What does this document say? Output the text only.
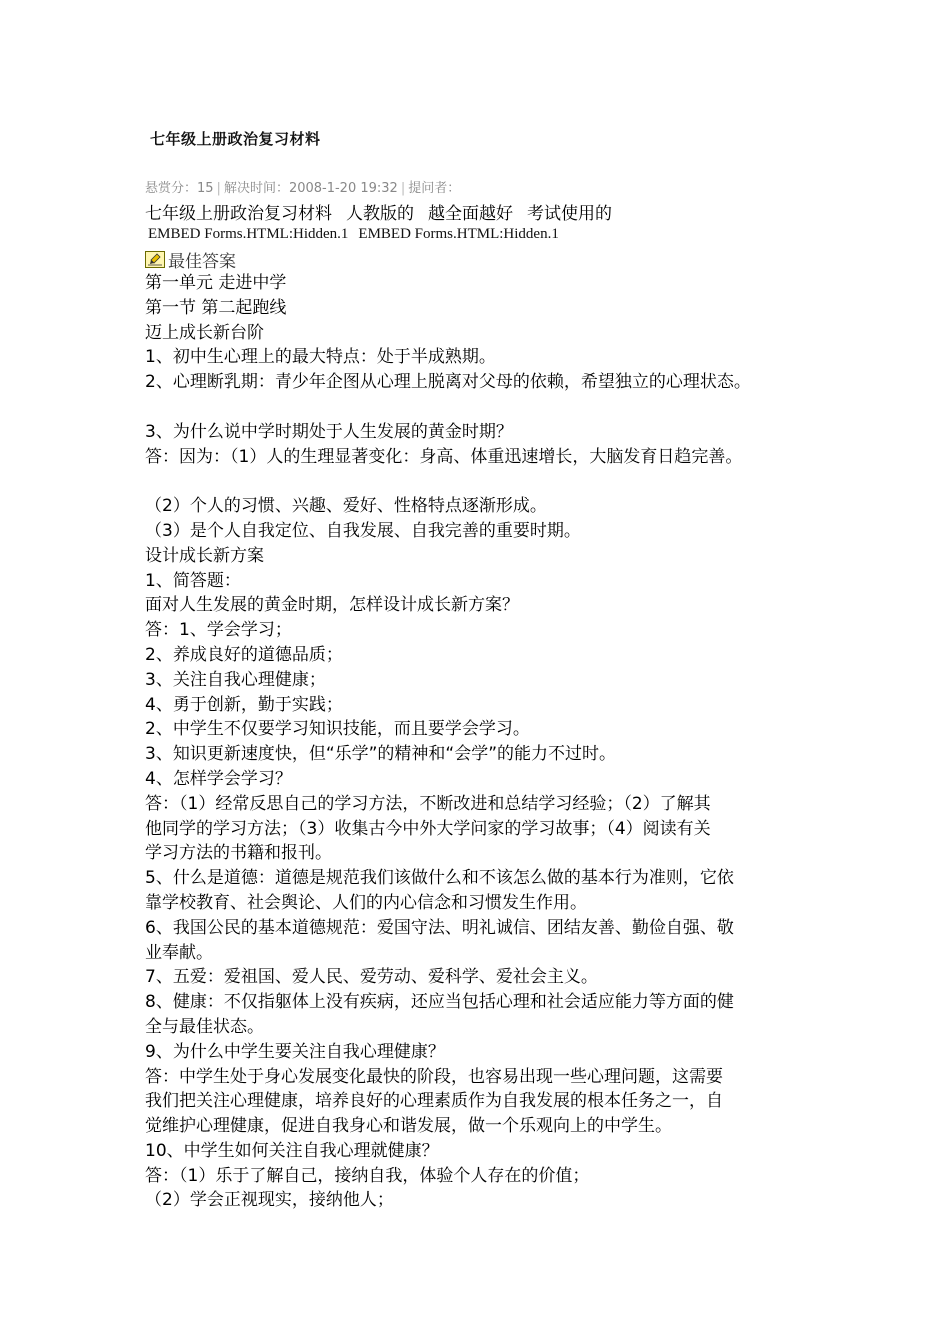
七年级上册政治复习材料
悬赏分：15 | 解决时间：2008-1-20 19:32 | 提问者：
七年级上册政治复习材料 人教版的 越全面越好 考试使用的
EMBED Forms.HTML:Hidden.1 EMBED Forms.HTML:Hidden.1
最佳答案
第一单元 走进中学
第一节 第二起跑线
迈上成长新台阶
1、初中生心理上的最大特点：处于半成熟期。
2、心理断乳期：青少年企图从心理上脱离对父母的依赖，希望独立的心理状态。
3、为什么说中学时期处于人生发展的黄金时期？
答：因为：（1）人的生理显著变化：身高、体重迅速增长，大脑发育日趋完善。
（2）个人的习惯、兴趣、爱好、性格特点逐渐形成。
（3）是个人自我定位、自我发展、自我完善的重要时期。
设计成长新方案
1、简答题：
面对人生发展的黄金时期，怎样设计成长新方案？
答：1、学会学习；
2、养成良好的道德品质；
3、关注自我心理健康；
4、勇于创新，勤于实践；
2、中学生不仅要学习知识技能，而且要学会学习。
3、知识更新速度快，但“乐学”的精神和“会学”的能力不过时。
4、怎样学会学习？
答：（1）经常反思自己的学习方法，不断改进和总结学习经验；（2）了解其
他同学的学习方法；（3）收集古今中外大学问家的学习故事；（4）阅读有关
学习方法的书籍和报刊。
5、什么是道德：道德是规范我们该做什么和不该怎么做的基本行为准则，它依
靠学校教育、社会舆论、人们的内心信念和习惯发生作用。
6、我国公民的基本道德规范：爱国守法、明礼诚信、团结友善、勤俭自强、敬
业奉献。
7、五爱：爱祖国、爱人民、爱劳动、爱科学、爱社会主义。
8、健康：不仅指躯体上没有疾病，还应当包括心理和社会适应能力等方面的健
全与最佳状态。
9、为什么中学生要关注自我心理健康？
答：中学生处于身心发展变化最快的阶段，也容易出现一些心理问题，这需要
我们把关注心理健康，培养良好的心理素质作为自我发展的根本任务之一，自
觉维护心理健康，促进自我身心和谐发展，做一个乐观向上的中学生。
10、中学生如何关注自我心理就健康？
答：（1）乐于了解自己，接纳自我，体验个人存在的价值；
（2）学会正视现实，接纳他人；
